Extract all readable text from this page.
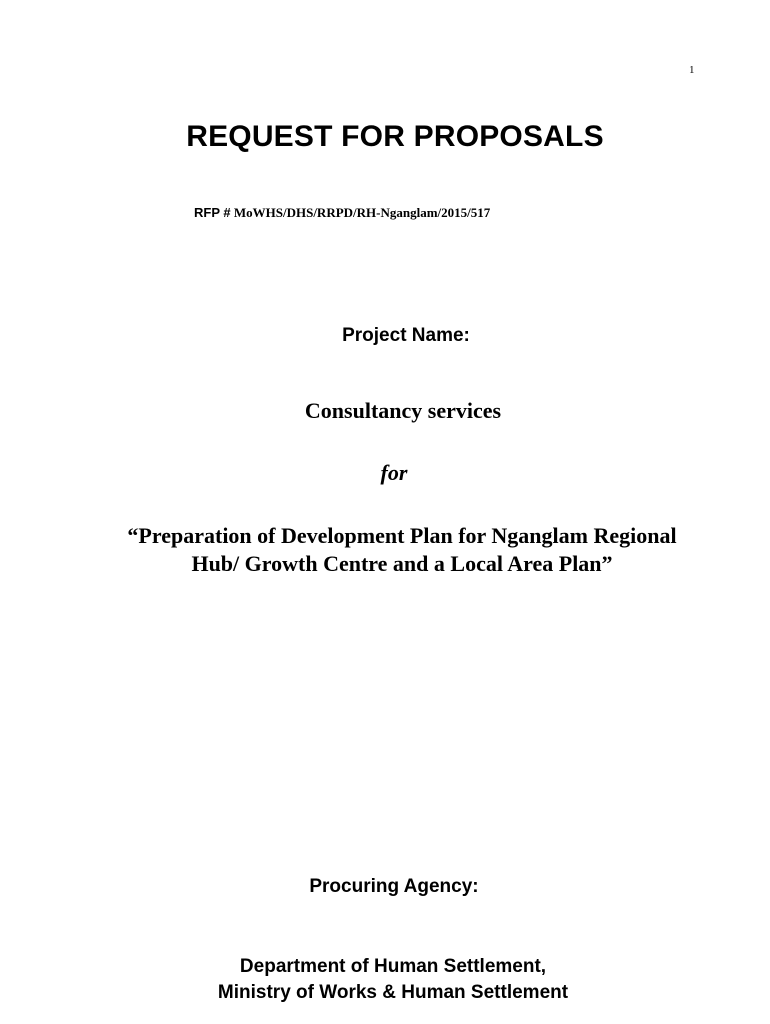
1
REQUEST FOR PROPOSALS
RFP # MoWHS/DHS/RRPD/RH-Nganglam/2015/517
Project Name:
Consultancy services
for
“Preparation of Development Plan for Nganglam Regional Hub/ Growth Centre and a Local Area Plan”
Procuring Agency:
Department of Human Settlement,
Ministry of Works & Human Settlement
